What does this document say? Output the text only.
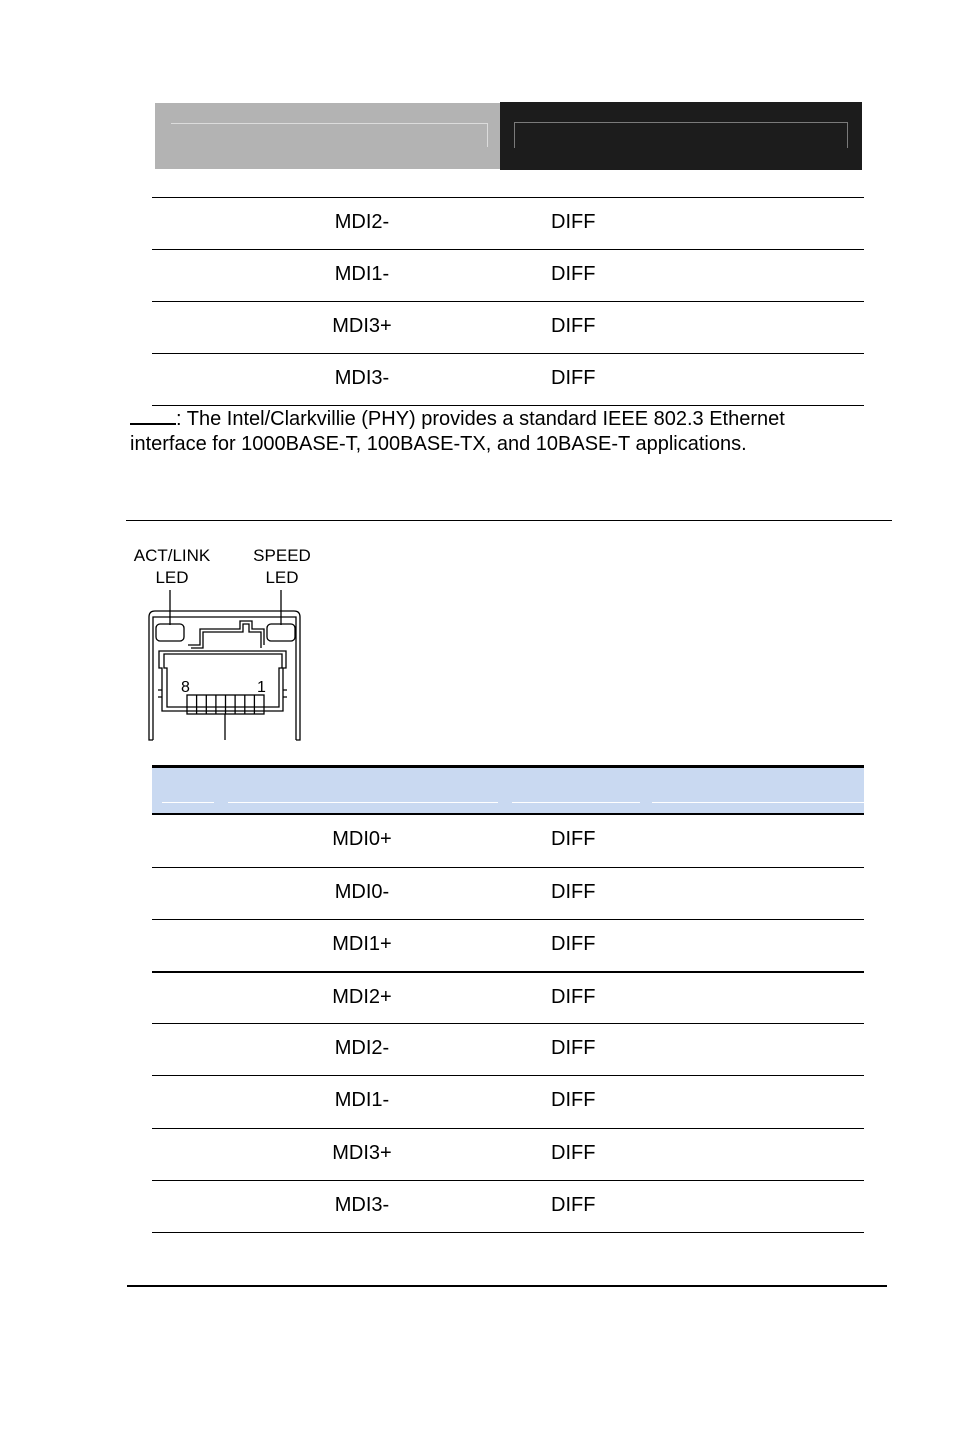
MDI2-	DIFF
MDI1-	DIFF
MDI3+	DIFF
MDI3-	DIFF
: The Intel/Clarkvillie (PHY) provides a standard IEEE 802.3 Ethernet interface for 1000BASE-T, 100BASE-TX, and 10BASE-T applications.
ACT/LINK
LED
SPEED
LED
8	1
MDI0+	DIFF
MDI0-	DIFF
MDI1+	DIFF
MDI2+	DIFF
MDI2-	DIFF
MDI1-	DIFF
MDI3+	DIFF
MDI3-	DIFF
